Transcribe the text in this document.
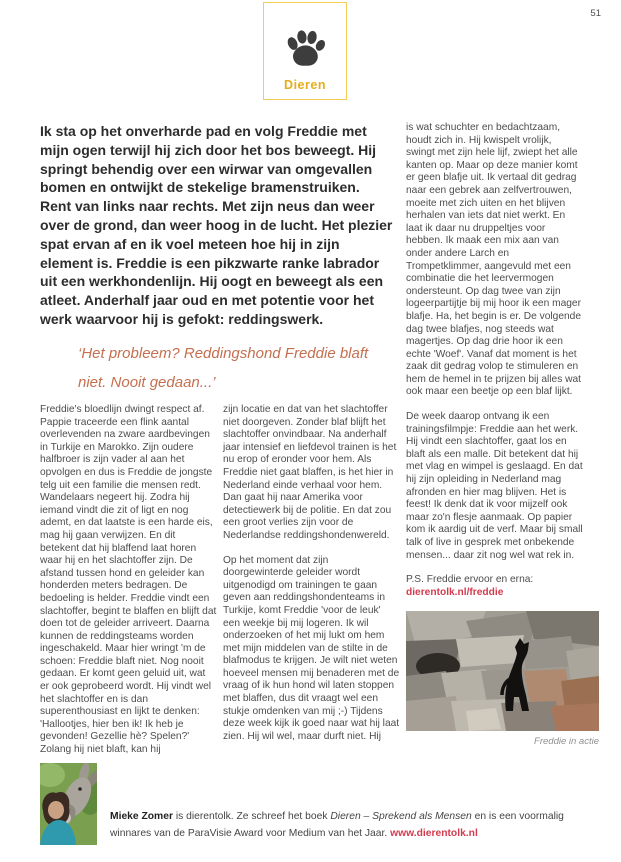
51
Dieren
Ik sta op het onverharde pad en volg Freddie met mijn ogen terwijl hij zich door het bos beweegt. Hij springt behendig over een wirwar van omgevallen bomen en ontwijkt de stekelige bramenstruiken. Rent van links naar rechts. Met zijn neus dan weer over de grond, dan weer hoog in de lucht. Het plezier spat ervan af en ik voel meteen hoe hij in zijn element is. Freddie is een pikzwarte ranke labrador uit een werkhondenlijn. Hij oogt en beweegt als een atleet. Anderhalf jaar oud en met potentie voor het werk waarvoor hij is gefokt: reddingswerk.
‘Het probleem? Reddingshond Freddie blaft niet. Nooit gedaan...’

Freddie's bloedlijn dwingt respect af. Pappie traceerde een flink aantal overlevenden na zware aardbevingen in Turkije en Marokko. Zijn oudere halfbroer is zijn vader al aan het opvolgen en dus is Freddie de jongste telg uit een familie die mensen redt. Wandelaars negeert hij. Zodra hij iemand vindt die zit of ligt en nog ademt, en dat laatste is een harde eis, mag hij gaan verwijzen. En dit betekent dat hij blaffend laat horen waar hij en het slachtoffer zijn. De afstand tussen hond en geleider kan honderden meters bedragen. De bedoeling is helder. Freddie vindt een slachtoffer, begint te blaffen en blijft dat doen tot de geleider arriveert. Daarna kunnen de reddingsteams worden ingeschakeld. Maar hier wringt 'm de schoen: Freddie blaft niet. Nog nooit gedaan. Er komt geen geluid uit, wat er ook geprobeerd wordt. Hij vindt wel het slachtoffer en is dan superenthousiast en lijkt te denken: 'Hallootjes, hier ben ik! Ik heb je gevonden! Gezellie hè? Spelen?' Zolang hij niet blaft, kan hij

zijn locatie en dat van het slachtoffer niet doorgeven. Zonder blaf blijft het slachtoffer onvindbaar. Na anderhalf jaar intensief en liefdevol trainen is het nu erop of eronder voor hem. Als Freddie niet gaat blaffen, is het hier in Nederland einde verhaal voor hem. Dan gaat hij naar Amerika voor detectiewerk bij de politie. En dat zou een groot verlies zijn voor de Nederlandse reddingshondenwereld.

Op het moment dat zijn doorgewinterde geleider wordt uitgenodigd om trainingen te gaan geven aan reddingshondenteams in Turkije, komt Freddie 'voor de leuk' een weekje bij mij logeren. Ik wil onderzoeken of het mij lukt om hem met mijn middelen van de stilte in de blafmodus te krijgen. Je wilt niet weten hoeveel mensen mij benaderen met de vraag of ik hun hond wil laten stoppen met blaffen, dus dit vraagt wel een stukje omdenken van mij ;-) Tijdens deze week kijk ik goed naar wat hij laat zien. Hij wil wel, maar durft niet. Hij

is wat schuchter en bedachtzaam, houdt zich in. Hij kwispelt vrolijk, swingt met zijn hele lijf, zwiept het alle kanten op. Maar op deze manier komt er geen blafje uit. Ik vertaal dit gedrag naar een gebrek aan zelfvertrouwen, moeite met zich uiten en het blijven herhalen van iets dat niet werkt. En laat ik daar nu druppeltjes voor hebben. Ik maak een mix aan van onder andere Larch en Trompetklimmer, aangevuld met een combinatie die het leervermogen ondersteunt. Op dag twee van zijn logeerpartijtje bij mij hoor ik een mager blafje. Ha, het begin is er. De volgende dag twee blafjes, nog steeds wat magertjes. Op dag drie hoor ik een echte 'Woef'. Vanaf dat moment is het zaak dit gedrag volop te stimuleren en hem de hemel in te prijzen bij alles wat ook maar een beetje op een blaf lijkt.

De week daarop ontvang ik een trainingsfilmpje: Freddie aan het werk. Hij vindt een slachtoffer, gaat los en blaft als een malle. Dit betekent dat hij met vlag en wimpel is geslaagd. En dat hij zijn opleiding in Nederland mag afronden en hier mag blijven. Het is feest! Ik denk dat ik voor mijzelf ook maar zo'n flesje aanmaak. Op papier kom ik aardig uit de verf. Maar bij small talk of live in gesprek met onbekende mensen... daar zit nog wel wat rek in.

P.S. Freddie ervoor en erna: dierentolk.nl/freddie

Freddie in actie
Mieke Zomer is dierentolk. Ze schreef het boek Dieren – Sprekend als Mensen en is een voormalig winnares van de ParaVisie Award voor Medium van het Jaar. www.dierentolk.nl
